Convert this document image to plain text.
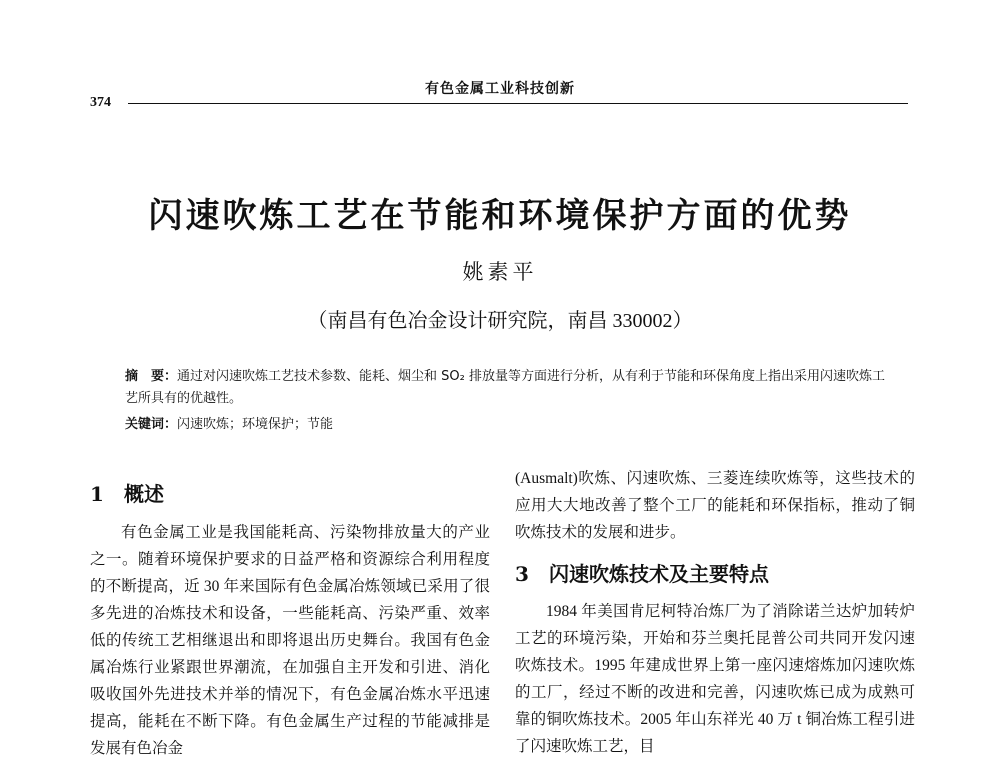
374
有色金属工业科技创新
闪速吹炼工艺在节能和环境保护方面的优势
姚素平
（南昌有色冶金设计研究院，南昌 330002）
摘　要：通过对闪速吹炼工艺技术参数、能耗、烟尘和 SO₂ 排放量等方面进行分析，从有利于节能和环保角度上指出采用闪速吹炼工艺所具有的优越性。
关键词：闪速吹炼；环境保护；节能
1 概述

有色金属工业是我国能耗高、污染物排放量大的产业之一。随着环境保护要求的日益严格和资源综合利用程度的不断提高，近 30 年来国际有色金属冶炼领域已采用了很多先进的冶炼技术和设备，一些能耗高、污染严重、效率低的传统工艺相继退出和即将退出历史舞台。我国有色金属冶炼行业紧跟世界潮流，在加强自主开发和引进、消化吸收国外先进技术并举的情况下，有色金属冶炼水平迅速提高，能耗在不断下降。有色金属生产过程的节能减排是发展有色冶金

(Ausmalt)吹炼、闪速吹炼、三菱连续吹炼等，这些技术的应用大大地改善了整个工厂的能耗和环保指标，推动了铜吹炼技术的发展和进步。

3 闪速吹炼技术及主要特点

1984 年美国肯尼柯特冶炼厂为了消除诺兰达炉加转炉工艺的环境污染，开始和芬兰奥托昆普公司共同开发闪速吹炼技术。1995 年建成世界上第一座闪速熔炼加闪速吹炼的工厂，经过不断的改进和完善，闪速吹炼已成为成熟可靠的铜吹炼技术。2005 年山东祥光 40 万 t 铜冶炼工程引进了闪速吹炼工艺，目
